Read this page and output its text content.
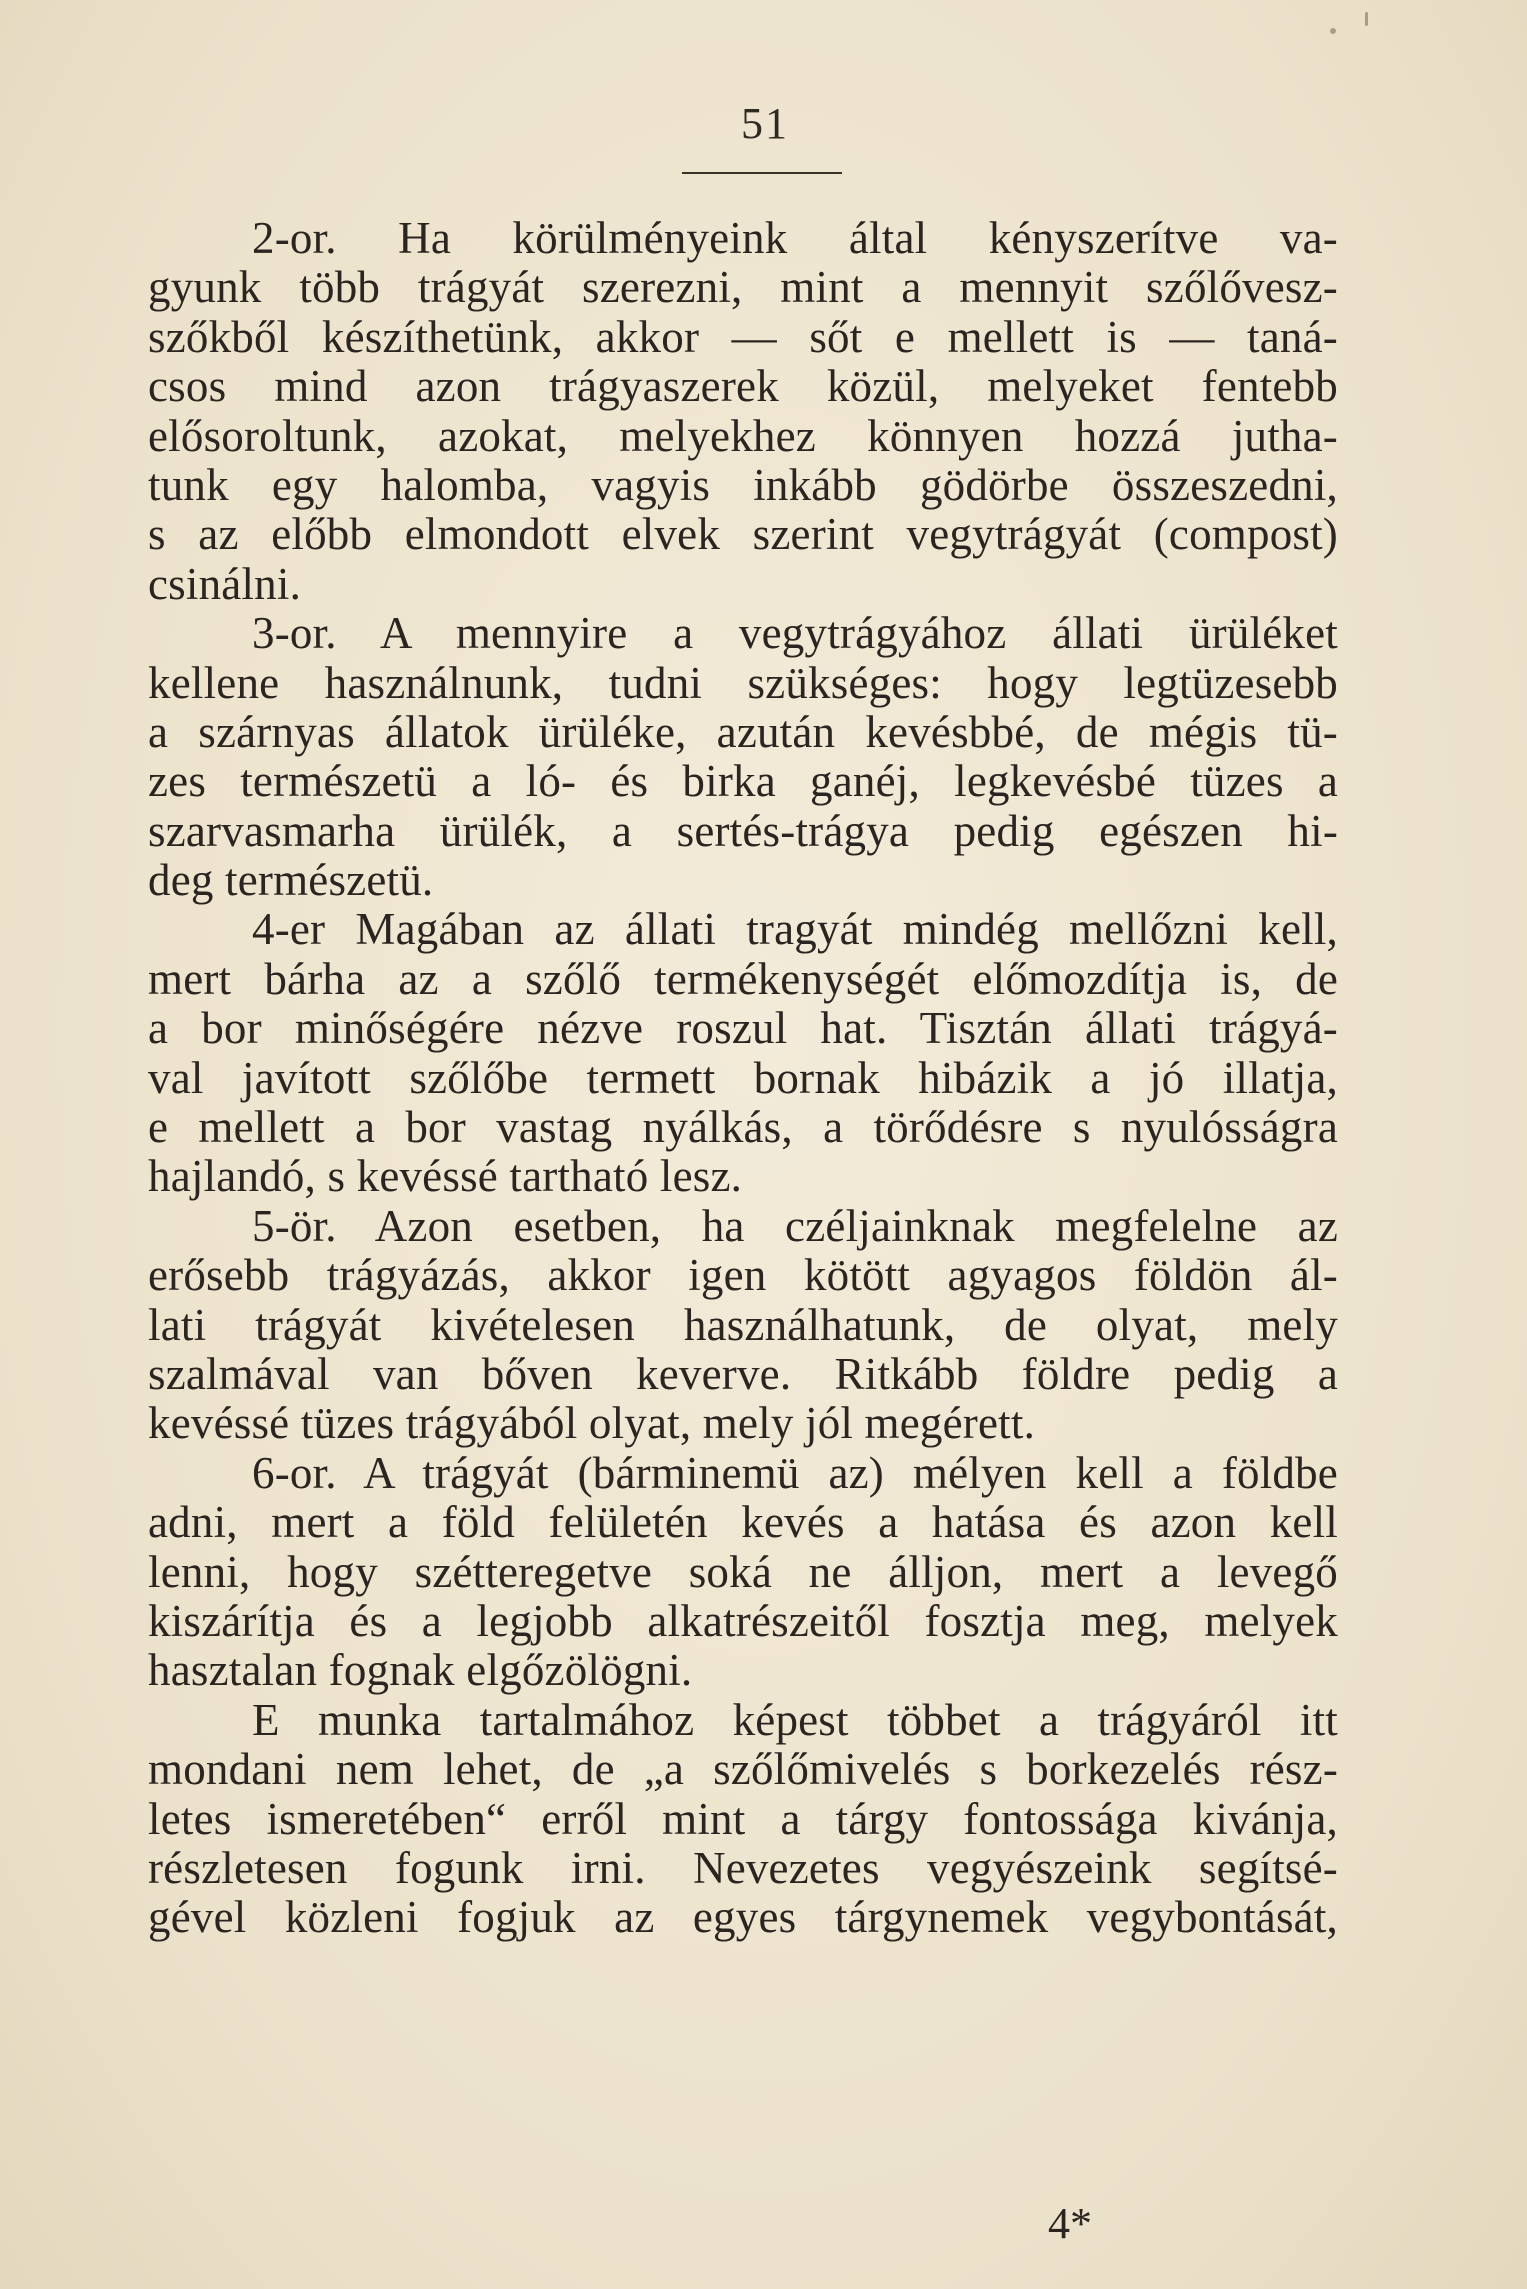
51
2-or. Ha körülményeink által kényszerítve va-
gyunk több trágyát szerezni, mint a mennyit szőlővesz-
szőkből készíthetünk, akkor — sőt e mellett is — taná-
csos mind azon trágyaszerek közül, melyeket fentebb
elősoroltunk, azokat, melyekhez könnyen hozzá jutha-
tunk egy halomba, vagyis inkább gödörbe összeszedni,
s az előbb elmondott elvek szerint vegytrágyát (compost)
csinálni.
3-or. A mennyire a vegytrágyához állati ürüléket
kellene használnunk, tudni szükséges: hogy legtüzesebb
a szárnyas állatok ürüléke, azután kevésbbé, de mégis tü-
zes természetü a ló- és birka ganéj, legkevésbé tüzes a
szarvasmarha ürülék, a sertés-trágya pedig egészen hi-
deg természetü.
4-er Magában az állati tragyát mindég mellőzni kell,
mert bárha az a szőlő termékenységét előmozdítja is, de
a bor minőségére nézve roszul hat. Tisztán állati trágyá-
val javított szőlőbe termett bornak hibázik a jó illatja,
e mellett a bor vastag nyálkás, a törődésre s nyulósságra
hajlandó, s kevéssé tartható lesz.
5-ör. Azon esetben, ha czéljainknak megfelelne az
erősebb trágyázás, akkor igen kötött agyagos földön ál-
lati trágyát kivételesen használhatunk, de olyat, mely
szalmával van bőven keverve. Ritkább földre pedig a
kevéssé tüzes trágyából olyat, mely jól megérett.
6-or. A trágyát (bárminemü az) mélyen kell a földbe
adni, mert a föld felületén kevés a hatása és azon kell
lenni, hogy szétteregetve soká ne álljon, mert a levegő
kiszárítja és a legjobb alkatrészeitől fosztja meg, melyek
hasztalan fognak elgőzölögni.
E munka tartalmához képest többet a trágyáról itt
mondani nem lehet, de „a szőlőmivelés s borkezelés rész-
letes ismeretében“ erről mint a tárgy fontossága kivánja,
részletesen fogunk irni. Nevezetes vegyészeink segítsé-
gével közleni fogjuk az egyes tárgynemek vegybontását,
4*
